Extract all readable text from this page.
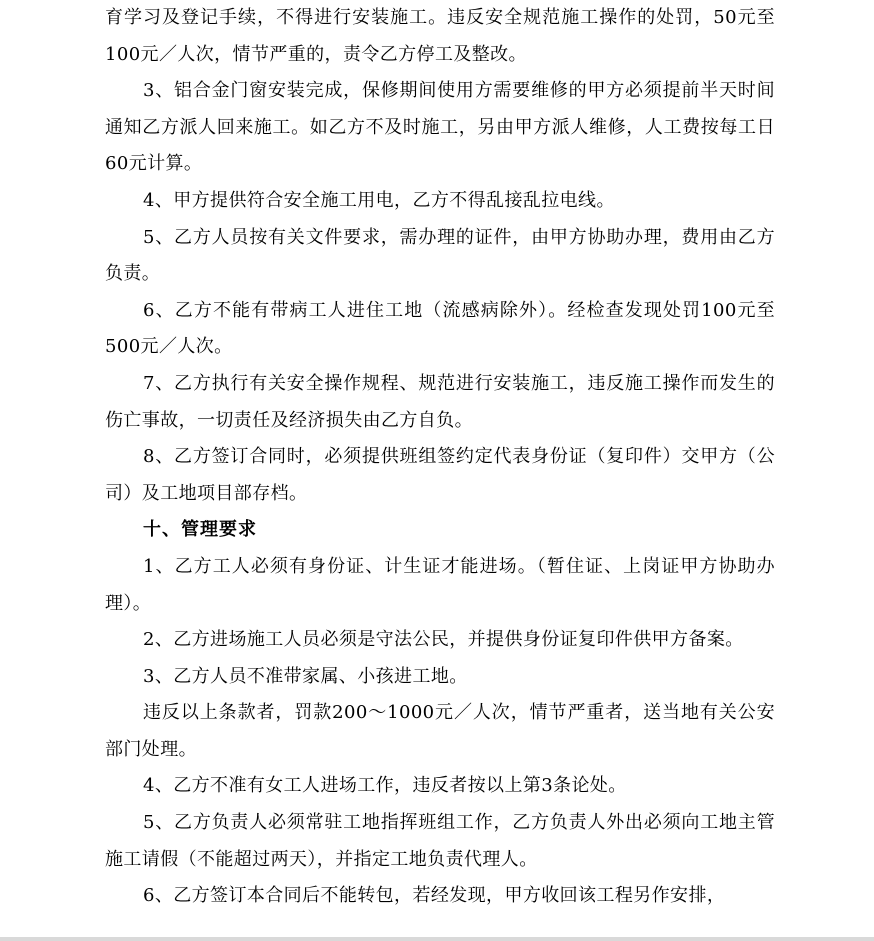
育学习及登记手续，不得进行安装施工。违反安全规范施工操作的处罚，50元至100元／人次，情节严重的，责令乙方停工及整改。

3、铝合金门窗安装完成，保修期间使用方需要维修的甲方必须提前半天时间通知乙方派人回来施工。如乙方不及时施工，另由甲方派人维修，人工费按每工日60元计算。

4、甲方提供符合安全施工用电，乙方不得乱接乱拉电线。

5、乙方人员按有关文件要求，需办理的证件，由甲方协助办理，费用由乙方负责。

6、乙方不能有带病工人进住工地（流感病除外）。经检查发现处罚100元至500元／人次。

7、乙方执行有关安全操作规程、规范进行安装施工，违反施工操作而发生的伤亡事故，一切责任及经济损失由乙方自负。

8、乙方签订合同时，必须提供班组签约定代表身份证（复印件）交甲方（公司）及工地项目部存档。

十、管理要求

1、乙方工人必须有身份证、计生证才能进场。（暂住证、上岗证甲方协助办理）。

2、乙方进场施工人员必须是守法公民，并提供身份证复印件供甲方备案。

3、乙方人员不准带家属、小孩进工地。

违反以上条款者，罚款200～1000元／人次，情节严重者，送当地有关公安部门处理。

4、乙方不准有女工人进场工作，违反者按以上第3条论处。

5、乙方负责人必须常驻工地指挥班组工作，乙方负责人外出必须向工地主管施工请假（不能超过两天），并指定工地负责代理人。

6、乙方签订本合同后不能转包，若经发现，甲方收回该工程另作安排，
